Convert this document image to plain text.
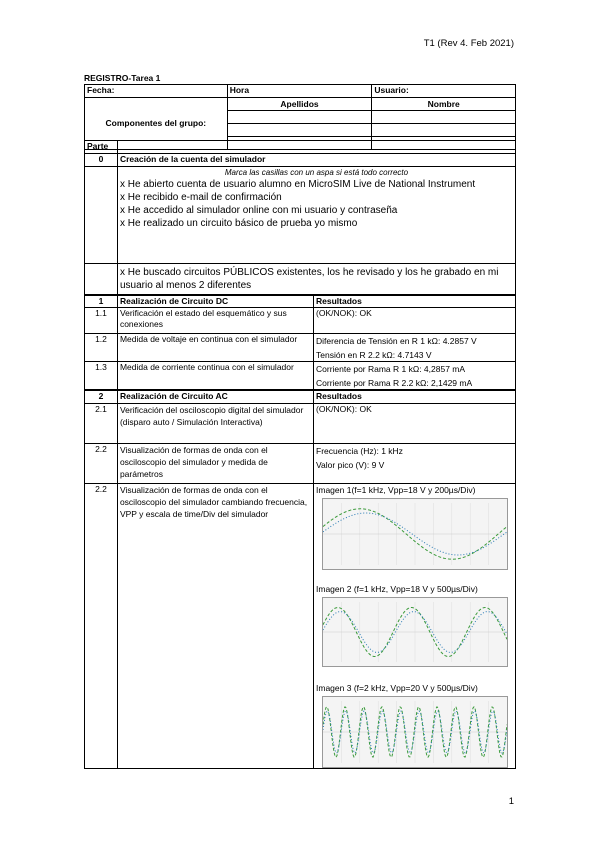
T1 (Rev 4. Feb 2021)
REGISTRO-Tarea 1
Fecha:	Hora	Usuario:
Componentes del grupo:	Apellidos	Nombre

Parte		
0	Creación de la cuenta del simulador	

	Marca las casillas con un aspa si está todo correcto
x He abierto cuenta de usuario alumno en MicroSIM Live de National Instrument
x He recibido e-mail de confirmación
x He accedido al simulador online con mi usuario y contraseña
x He realizado un circuito básico de prueba yo mismo	

	x He buscado circuitos PÚBLICOS existentes, los he revisado y los he grabado en mi usuario al menos 2 diferentes	
1	Realización de Circuito DC	Resultados
1.1	Verificación el estado del esquemático y sus conexiones	(OK/NOK): OK
1.2	Medida de voltaje en continua con el simulador	Diferencia de Tensión en R 1 kΩ: 4.2857 V
Tensión en R 2.2 kΩ: 4.7143 V

1.3	Medida de corriente continua con el simulador	Corriente por Rama R 1 kΩ: 4,2857 mA
Corriente por Rama R 2.2 kΩ: 2,1429 mA

2	Realización de Circuito AC	Resultados
2.1	Verificación del osciloscopio digital del simulador (disparo auto / Simulación Interactiva)	(OK/NOK): OK
2.2	Visualización de formas de onda con el osciloscopio del simulador y medida de parámetros	Frecuencia (Hz): 1 kHz
Valor pico (V): 9 V

2.2	Visualización de formas de onda con el osciloscopio del simulador cambiando frecuencia, VPP y escala de time/Div del simulador	Imagen 1(f=1 kHz, Vpp=18 V y 200µs/Div)
Imagen 2 (f=1 kHz, Vpp=18 V y 500µs/Div)
Imagen 3 (f=2 kHz, Vpp=20 V y 500µs/Div)
1
